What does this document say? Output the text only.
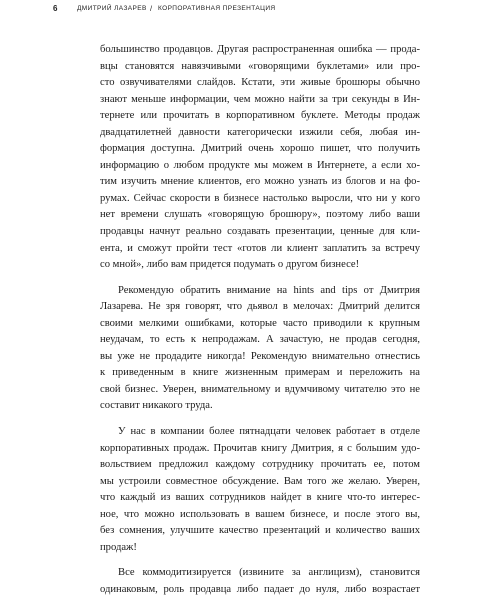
6	ДМИТРИЙ ЛАЗАРЕВ / КОРПОРАТИВНАЯ ПРЕЗЕНТАЦИЯ
большинство продавцов. Другая распространенная ошибка — прода-
вцы становятся навязчивыми «говорящими буклетами» или про-
сто озвучивателями слайдов. Кстати, эти живые брошюры обычно
знают меньше информации, чем можно найти за три секунды в Ин-
тернете или прочитать в корпоративном буклете. Методы продаж
двадцатилетней давности категорически изжили себя, любая ин-
формация доступна. Дмитрий очень хорошо пишет, что получить
информацию о любом продукте мы можем в Интернете, а если хо-
тим изучить мнение клиентов, его можно узнать из блогов и на фо-
румах. Сейчас скорости в бизнесе настолько выросли, что ни у кого
нет времени слушать «говорящую брошюру», поэтому либо ваши
продавцы начнут реально создавать презентации, ценные для кли-
ента, и сможут пройти тест «готов ли клиент заплатить за встречу
со мной», либо вам придется подумать о другом бизнесе!
Рекомендую обратить внимание на hints and tips от Дмитрия
Лазарева. Не зря говорят, что дьявол в мелочах: Дмитрий делится
своими мелкими ошибками, которые часто приводили к крупным
неудачам, то есть к непродажам. А зачастую, не продав сегодня,
вы уже не продадите никогда! Рекомендую внимательно отнестись
к приведенным в книге жизненным примерам и переложить на
свой бизнес. Уверен, внимательному и вдумчивому читателю это не
составит никакого труда.
У нас в компании более пятнадцати человек работает в отделе
корпоративных продаж. Прочитав книгу Дмитрия, я с большим удо-
вольствием предложил каждому сотруднику прочитать ее, потом
мы устроили совместное обсуждение. Вам того же желаю. Уверен,
что каждый из ваших сотрудников найдет в книге что-то интерес-
ное, что можно использовать в вашем бизнесе, и после этого вы,
без сомнения, улучшите качество презентаций и количество ваших
продаж!
Все коммодитизируется (извините за англицизм), становится
одинаковым, роль продавца либо падает до нуля, либо возрастает
